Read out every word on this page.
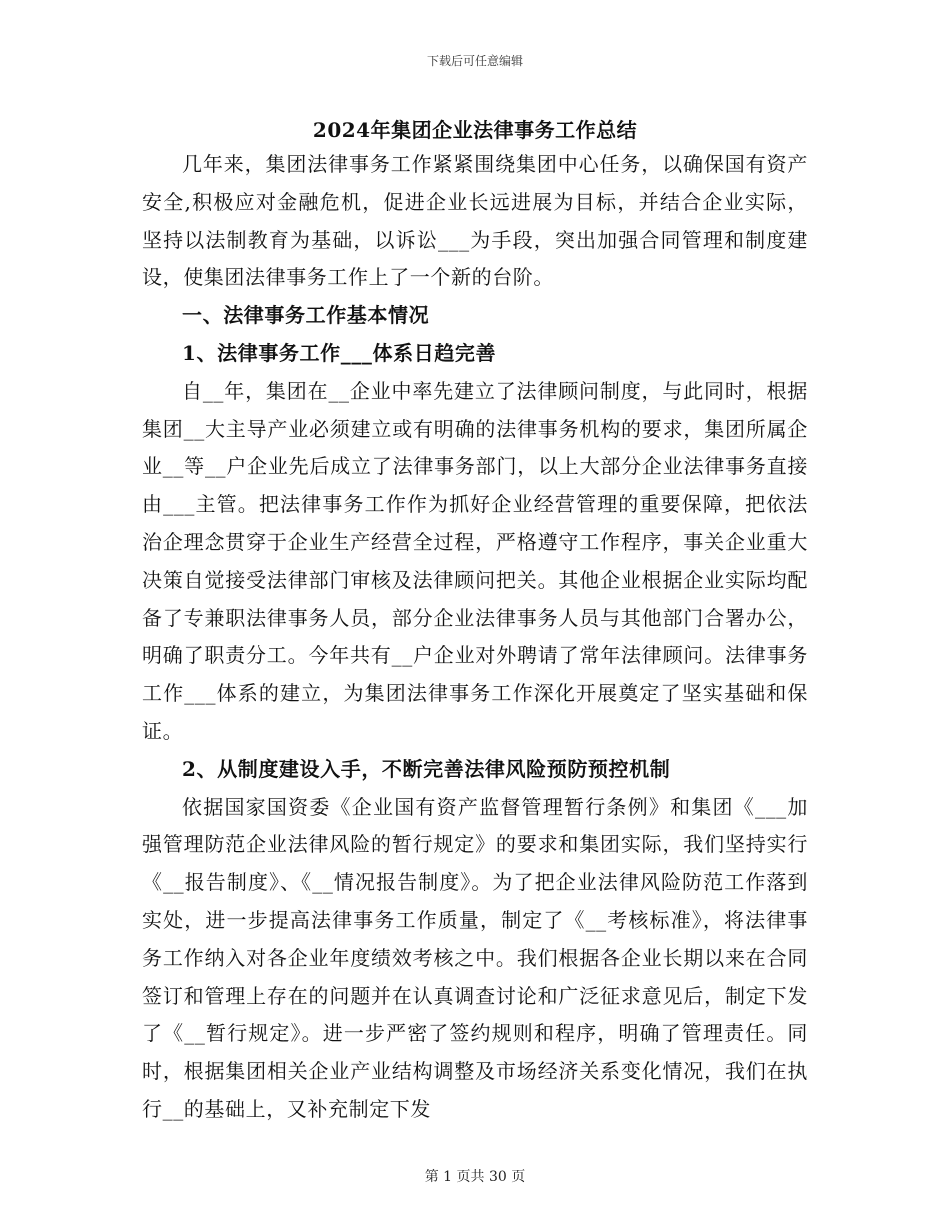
下载后可任意编辑
2024年集团企业法律事务工作总结

几年来，集团法律事务工作紧紧围绕集团中心任务，以确保国有资产安全,积极应对金融危机，促进企业长远进展为目标，并结合企业实际，坚持以法制教育为基础，以诉讼___为手段，突出加强合同管理和制度建设，使集团法律事务工作上了一个新的台阶。

一、法律事务工作基本情况

1、法律事务工作___体系日趋完善

自__年，集团在__企业中率先建立了法律顾问制度，与此同时，根据集团__大主导产业必须建立或有明确的法律事务机构的要求，集团所属企业__等__户企业先后成立了法律事务部门，以上大部分企业法律事务直接由___主管。把法律事务工作作为抓好企业经营管理的重要保障，把依法治企理念贯穿于企业生产经营全过程，严格遵守工作程序，事关企业重大决策自觉接受法律部门审核及法律顾问把关。其他企业根据企业实际均配备了专兼职法律事务人员，部分企业法律事务人员与其他部门合署办公，明确了职责分工。今年共有__户企业对外聘请了常年法律顾问。法律事务工作___体系的建立，为集团法律事务工作深化开展奠定了坚实基础和保证。

2、从制度建设入手，不断完善法律风险预防预控机制

依据国家国资委《企业国有资产监督管理暂行条例》和集团《___加强管理防范企业法律风险的暂行规定》的要求和集团实际，我们坚持实行《__报告制度》、《__情况报告制度》。为了把企业法律风险防范工作落到实处，进一步提高法律事务工作质量，制定了《__考核标准》，将法律事务工作纳入对各企业年度绩效考核之中。我们根据各企业长期以来在合同签订和管理上存在的问题并在认真调查讨论和广泛征求意见后，制定下发了《__暂行规定》。进一步严密了签约规则和程序，明确了管理责任。同时，根据集团相关企业产业结构调整及市场经济关系变化情况，我们在执行__的基础上，又补充制定下发

第 1 页共 30 页
